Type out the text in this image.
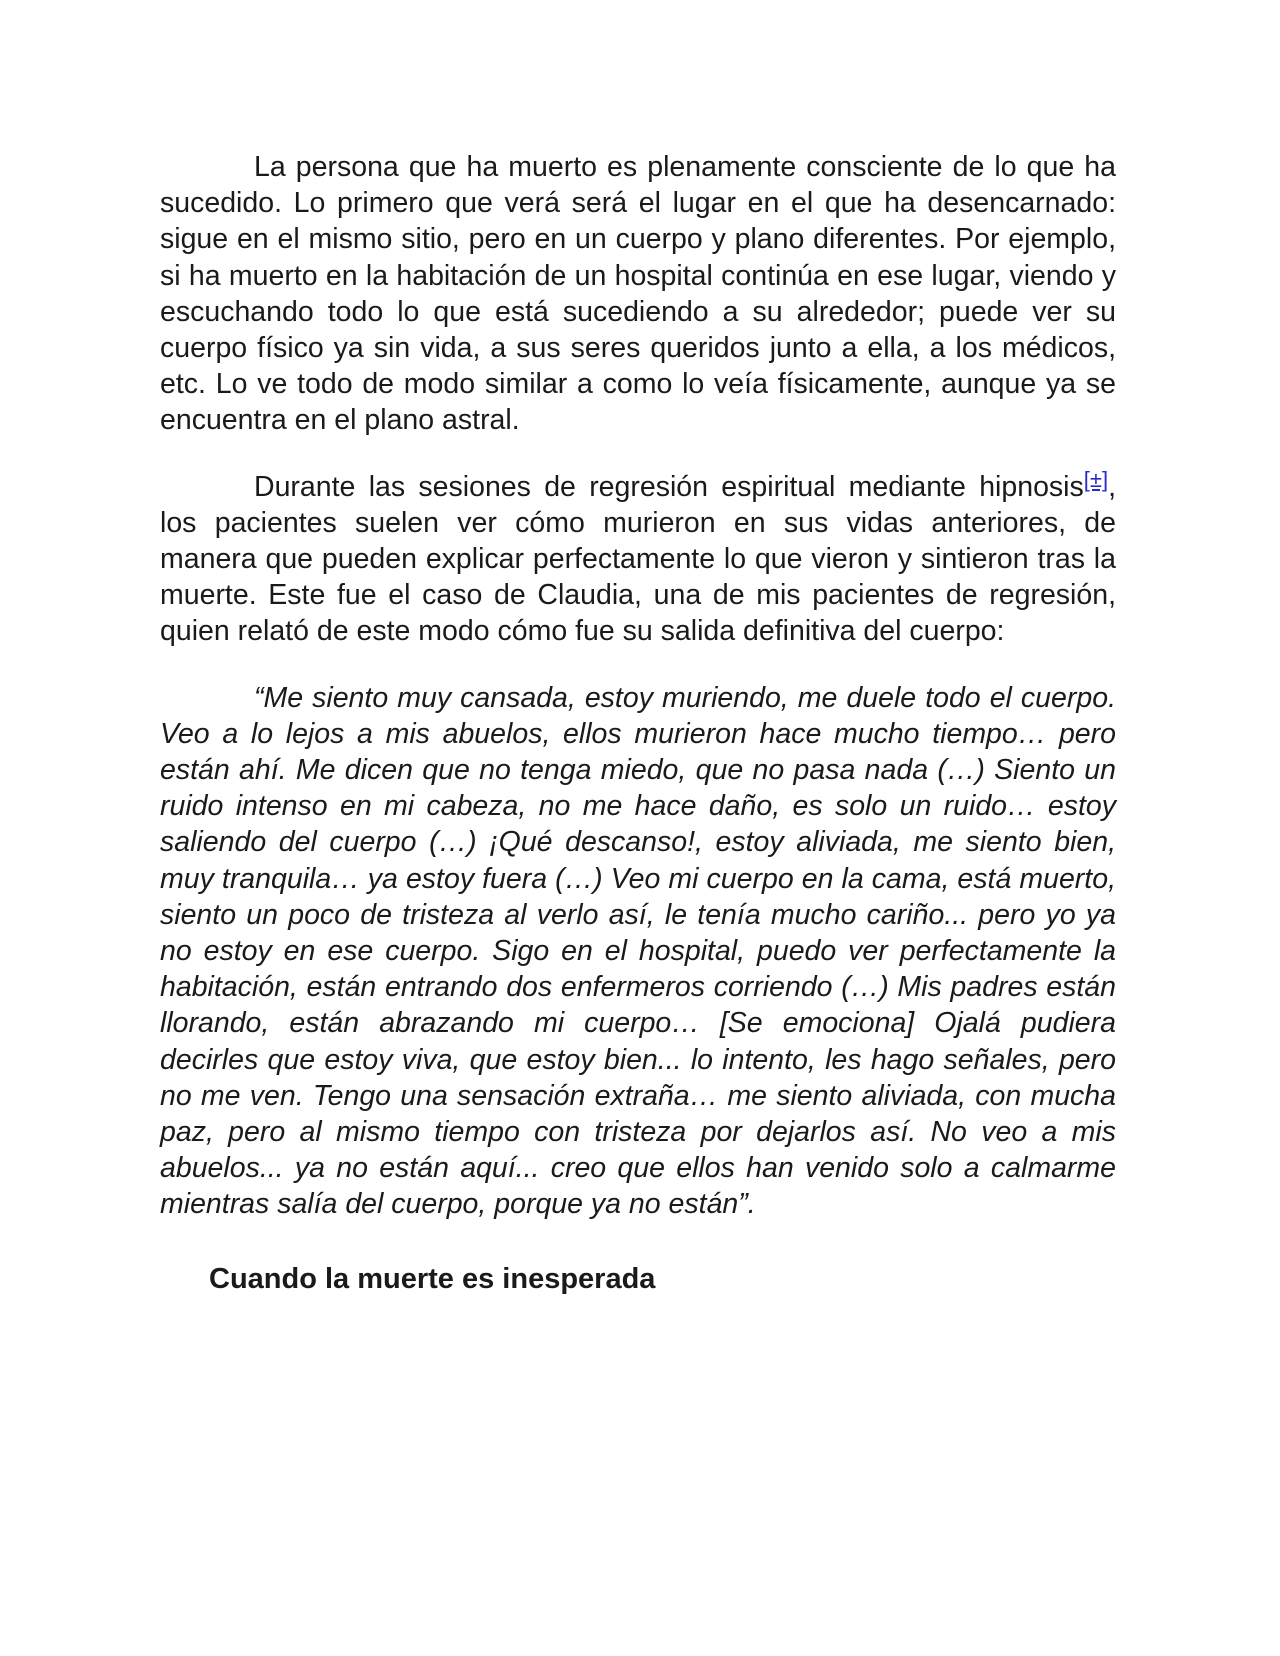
La persona que ha muerto es plenamente consciente de lo que ha sucedido. Lo primero que verá será el lugar en el que ha desencarnado: sigue en el mismo sitio, pero en un cuerpo y plano diferentes. Por ejemplo, si ha muerto en la habitación de un hospital continúa en ese lugar, viendo y escuchando todo lo que está sucediendo a su alrededor; puede ver su cuerpo físico ya sin vida, a sus seres queridos junto a ella, a los médicos, etc. Lo ve todo de modo similar a como lo veía físicamente, aunque ya se encuentra en el plano astral.

Durante las sesiones de regresión espiritual mediante hipnosis[±], los pacientes suelen ver cómo murieron en sus vidas anteriores, de manera que pueden explicar perfectamente lo que vieron y sintieron tras la muerte. Este fue el caso de Claudia, una de mis pacientes de regresión, quien relató de este modo cómo fue su salida definitiva del cuerpo:

“Me siento muy cansada, estoy muriendo, me duele todo el cuerpo. Veo a lo lejos a mis abuelos, ellos murieron hace mucho tiempo… pero están ahí. Me dicen que no tenga miedo, que no pasa nada (…) Siento un ruido intenso en mi cabeza, no me hace daño, es solo un ruido… estoy saliendo del cuerpo (…) ¡Qué descanso!, estoy aliviada, me siento bien, muy tranquila… ya estoy fuera (…) Veo mi cuerpo en la cama, está muerto, siento un poco de tristeza al verlo así, le tenía mucho cariño... pero yo ya no estoy en ese cuerpo. Sigo en el hospital, puedo ver perfectamente la habitación, están entrando dos enfermeros corriendo (…) Mis padres están llorando, están abrazando mi cuerpo… [Se emociona] Ojalá pudiera decirles que estoy viva, que estoy bien... lo intento, les hago señales, pero no me ven. Tengo una sensación extraña… me siento aliviada, con mucha paz, pero al mismo tiempo con tristeza por dejarlos así. No veo a mis abuelos... ya no están aquí... creo que ellos han venido solo a calmarme mientras salía del cuerpo, porque ya no están”.

Cuando la muerte es inesperada
